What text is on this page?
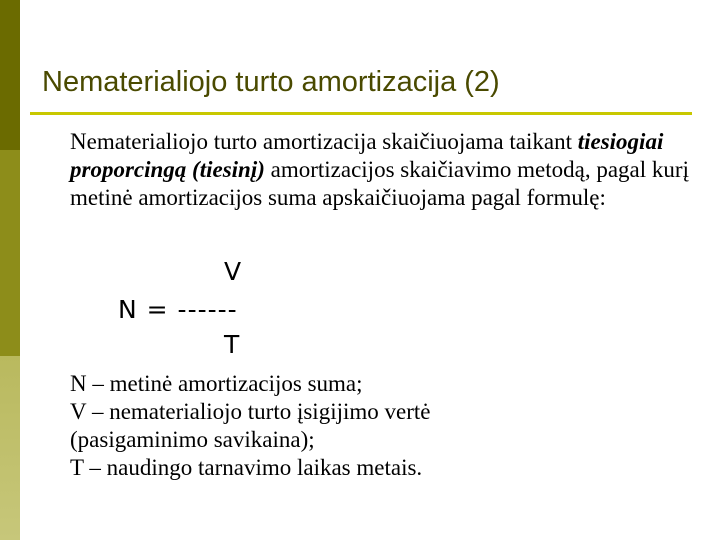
Nematerialiojo turto amortizacija (2)
Nematerialiojo turto amortizacija skaičiuojama taikant tiesiogiai proporcingą (tiesinį) amortizacijos skaičiavimo metodą, pagal kurį metinė amortizacijos suma apskaičiuojama pagal formulę:
V
N = ------
T
N – metinė amortizacijos suma;
V – nematerialiojo turto įsigijimo vertė
(pasigaminimo savikaina);
T – naudingo tarnavimo laikas metais.
